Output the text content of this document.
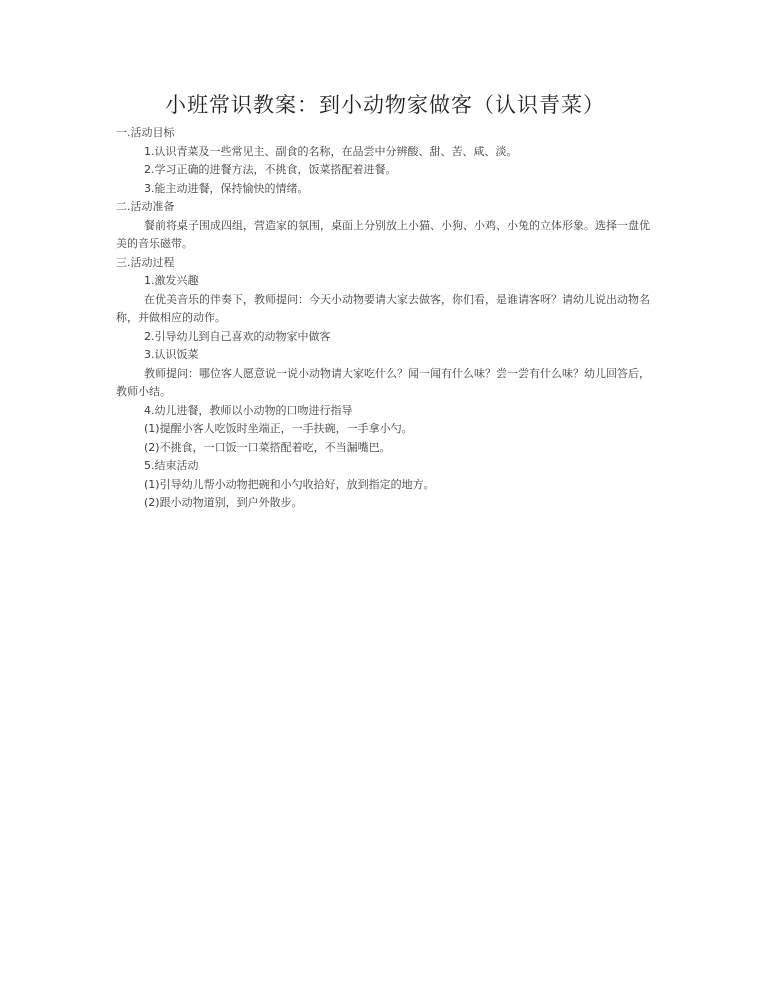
小班常识教案：到小动物家做客（认识青菜）
一.活动目标
1.认识青菜及一些常见主、副食的名称，在品尝中分辨酸、甜、苦、咸、淡。
2.学习正确的进餐方法，不挑食，饭菜搭配着进餐。
3.能主动进餐，保持愉快的情绪。
二.活动准备
餐前将桌子围成四组，营造家的氛围，桌面上分别放上小猫、小狗、小鸡、小兔的立体形象。选择一盘优美的音乐磁带。
三.活动过程
1.激发兴趣
在优美音乐的伴奏下，教师提问：今天小动物要请大家去做客，你们看，是谁请客呀？请幼儿说出动物名称，并做相应的动作。
2.引导幼儿到自己喜欢的动物家中做客
3.认识饭菜
教师提问：哪位客人愿意说一说小动物请大家吃什么？闻一闻有什么味？尝一尝有什么味？幼儿回答后，教师小结。
4.幼儿进餐，教师以小动物的口吻进行指导
(1)提醒小客人吃饭时坐端正，一手扶碗，一手拿小勺。
(2)不挑食，一口饭一口菜搭配着吃，不当漏嘴巴。
5.结束活动
(1)引导幼儿帮小动物把碗和小勺收拾好，放到指定的地方。
(2)跟小动物道别，到户外散步。
